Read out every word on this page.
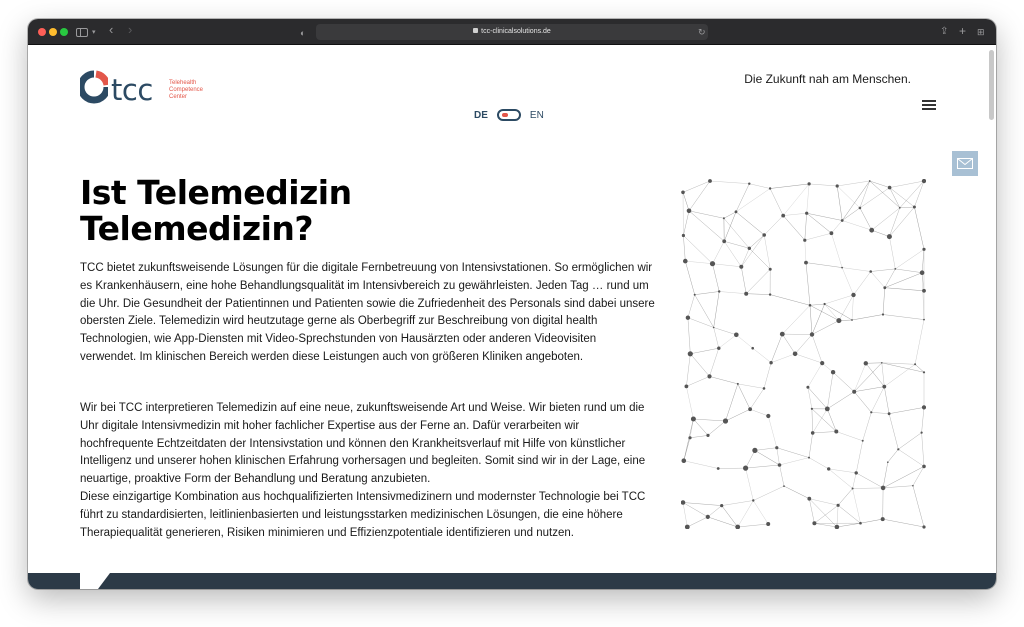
▾ ‹ ›	◐	tcc-clinicalsolutions.de	↻	⇪ + ⊞
tcc	Telehealth
Competence
Center
DE	EN
Die Zukunft nah am Menschen.
Ist Telemedizin
Telemedizin?

TCC bietet zukunftsweisende Lösungen für die digitale Fernbetreuung von Intensivstationen. So ermöglichen wir es Krankenhäusern, eine hohe Behandlungsqualität im Intensivbereich zu gewährleisten. Jeden Tag … rund um die Uhr. Die Gesundheit der Patientinnen und Patienten sowie die Zufriedenheit des Personals sind dabei unsere obersten Ziele. Telemedizin wird heutzutage gerne als Oberbegriff zur Beschreibung von digital health Technologien, wie App-Diensten mit Video-Sprechstunden von Hausärzten oder anderen Videovisiten verwendet. Im klinischen Bereich werden diese Leistungen auch von größeren Kliniken angeboten.

Wir bei TCC interpretieren Telemedizin auf eine neue, zukunftsweisende Art und Weise. Wir bieten rund um die Uhr digitale Intensivmedizin mit hoher fachlicher Expertise aus der Ferne an. Dafür verarbeiten wir hochfrequente Echtzeitdaten der Intensivstation und können den Krankheitsverlauf mit Hilfe von künstlicher Intelligenz und unserer hohen klinischen Erfahrung vorhersagen und begleiten. Somit sind wir in der Lage, eine neuartige, proaktive Form der Behandlung und Beratung anzubieten.
Diese einzigartige Kombination aus hochqualifizierten Intensivmedizinern und modernster Technologie bei TCC führt zu standardisierten, leitlinienbasierten und leistungsstarken medizinischen Lösungen, die eine höhere Therapiequalität generieren, Risiken minimieren und Effizienzpotentiale identifizieren und nutzen.
